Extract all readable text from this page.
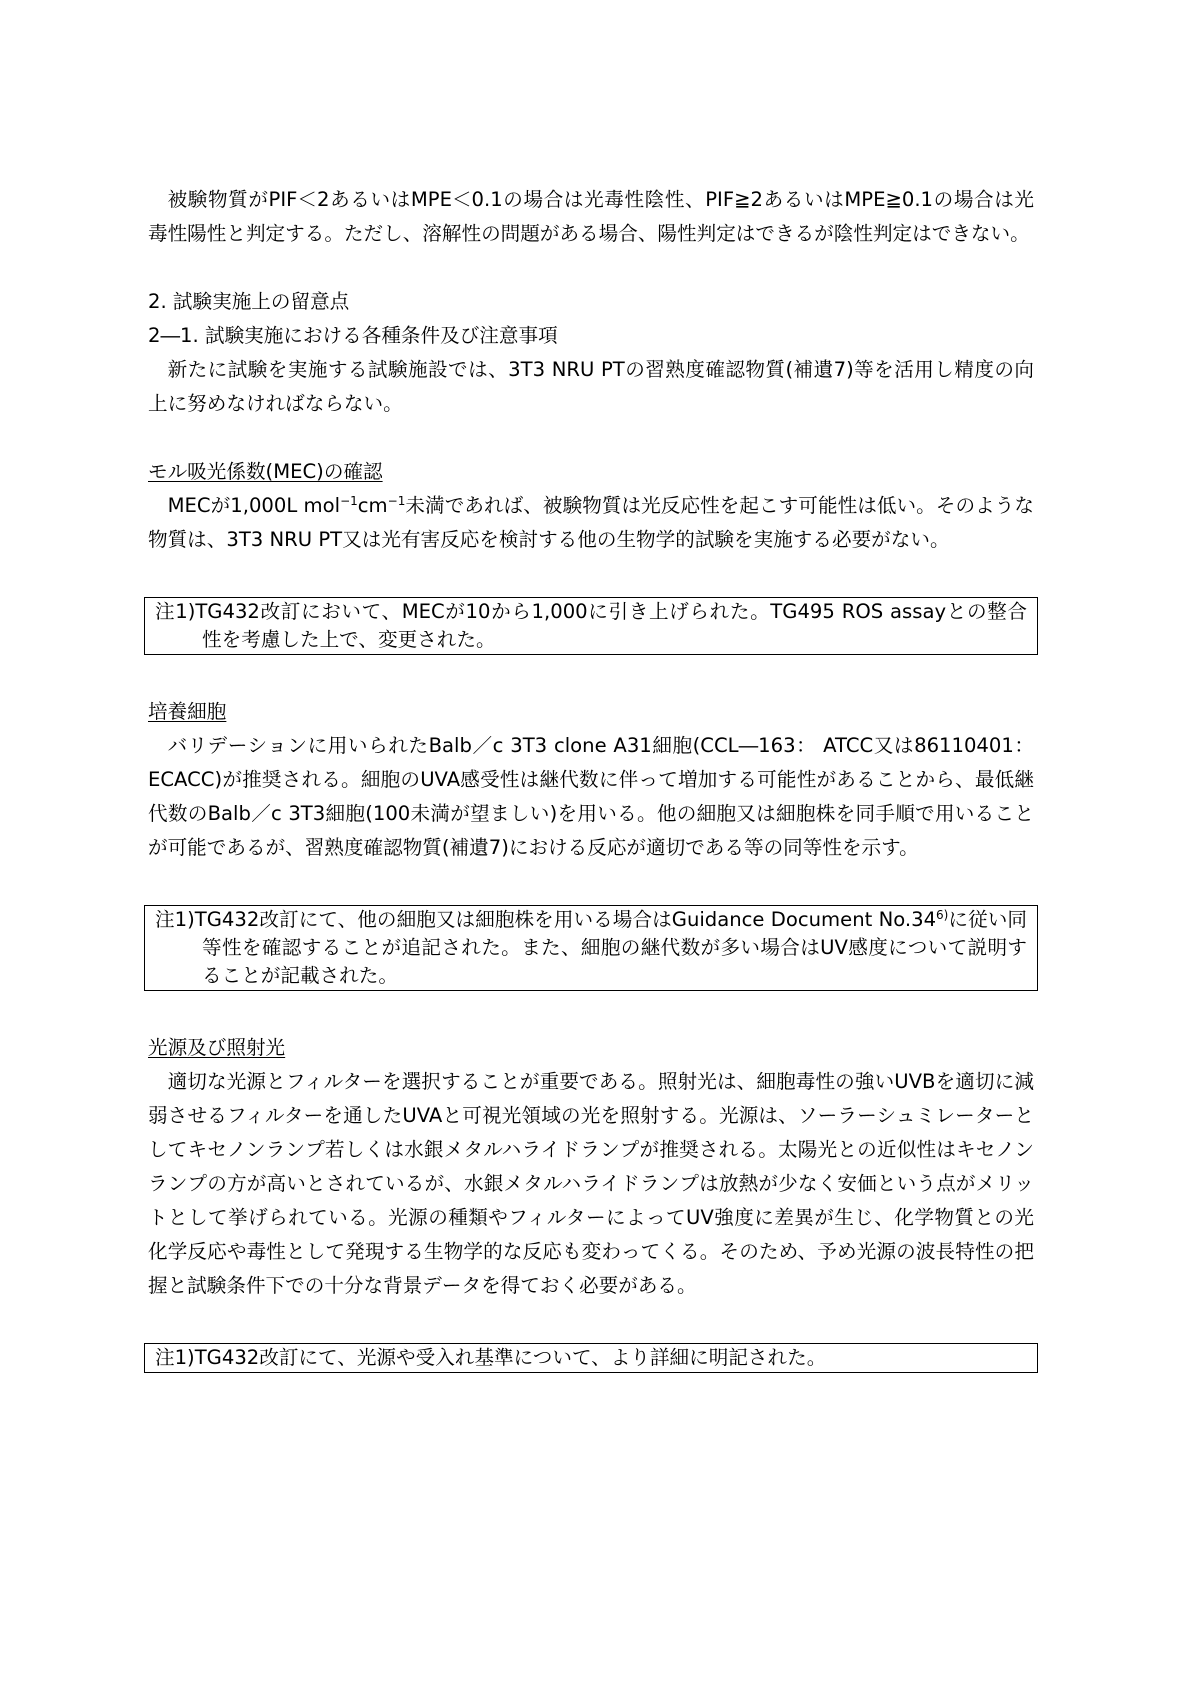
被験物質がPIF＜2あるいはMPE＜0.1の場合は光毒性陰性、PIF≧2あるいはMPE≧0.1の場合は光毒性陽性と判定する。ただし、溶解性の問題がある場合、陽性判定はできるが陰性判定はできない。

2. 試験実施上の留意点
2―1. 試験実施における各種条件及び注意事項

新たに試験を実施する試験施設では、3T3 NRU PTの習熟度確認物質(補遺7)等を活用し精度の向上に努めなければならない。

モル吸光係数(MEC)の確認

MECが1,000L $mol^{-1}cm^{-1}$未満であれば、被験物質は光反応性を起こす可能性は低い。そのような物質は、3T3 NRU PT又は光有害反応を検討する他の生物学的試験を実施する必要がない。

注1)TG432改訂において、MECが10から1,000に引き上げられた。TG495 ROS assayとの整合性を考慮した上で、変更された。

培養細胞

バリデーションに用いられたBalb／c 3T3 clone A31細胞(CCL―163： ATCC又は86110401： ECACC)が推奨される。細胞のUVA感受性は継代数に伴って増加する可能性があることから、最低継代数のBalb／c 3T3細胞(100未満が望ましい)を用いる。他の細胞又は細胞株を同手順で用いることが可能であるが、習熟度確認物質(補遺7)における反応が適切である等の同等性を示す。

注1)TG432改訂にて、他の細胞又は細胞株を用いる場合はGuidance Document No.34$^{6)}$に従い同等性を確認することが追記された。また、細胞の継代数が多い場合はUV感度について説明することが記載された。

光源及び照射光

適切な光源とフィルターを選択することが重要である。照射光は、細胞毒性の強いUVBを適切に減弱させるフィルターを通したUVAと可視光領域の光を照射する。光源は、ソーラーシュミレーターとしてキセノンランプ若しくは水銀メタルハライドランプが推奨される。太陽光との近似性はキセノンランプの方が高いとされているが、水銀メタルハライドランプは放熱が少なく安価という点がメリットとして挙げられている。光源の種類やフィルターによってUV強度に差異が生じ、化学物質との光化学反応や毒性として発現する生物学的な反応も変わってくる。そのため、予め光源の波長特性の把握と試験条件下での十分な背景データを得ておく必要がある。

注1)TG432改訂にて、光源や受入れ基準について、より詳細に明記された。
